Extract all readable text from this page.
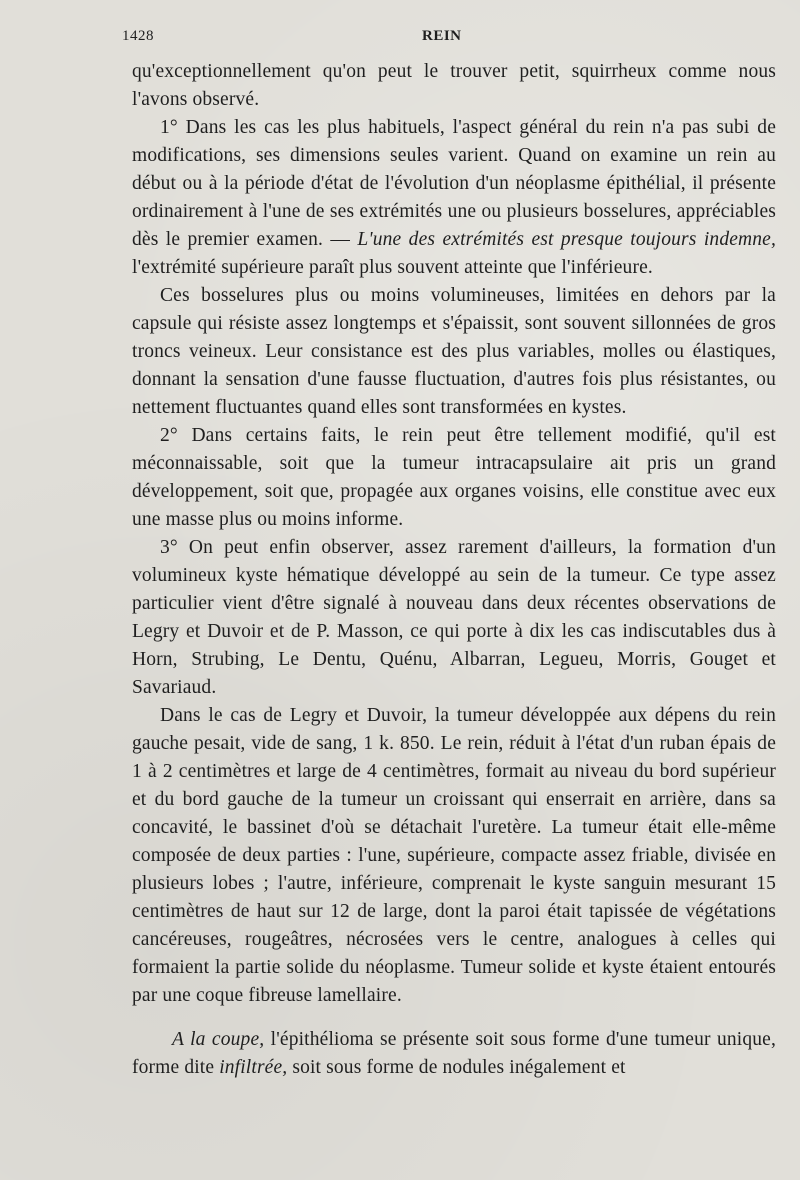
1428	REIN

qu'exceptionnellement qu'on peut le trouver petit, squirrheux comme nous l'avons observé.

1° Dans les cas les plus habituels, l'aspect général du rein n'a pas subi de modifications, ses dimensions seules varient. Quand on examine un rein au début ou à la période d'état de l'évolution d'un néoplasme épithélial, il présente ordinairement à l'une de ses extrémités une ou plusieurs bosselures, appréciables dès le premier examen. — L'une des extrémités est presque toujours indemne, l'extrémité supérieure paraît plus souvent atteinte que l'inférieure.

Ces bosselures plus ou moins volumineuses, limitées en dehors par la capsule qui résiste assez longtemps et s'épaissit, sont souvent sillonnées de gros troncs veineux. Leur consistance est des plus variables, molles ou élastiques, donnant la sensation d'une fausse fluctuation, d'autres fois plus résistantes, ou nettement fluctuantes quand elles sont transformées en kystes.

2° Dans certains faits, le rein peut être tellement modifié, qu'il est méconnaissable, soit que la tumeur intracapsulaire ait pris un grand développement, soit que, propagée aux organes voisins, elle constitue avec eux une masse plus ou moins informe.

3° On peut enfin observer, assez rarement d'ailleurs, la formation d'un volumineux kyste hématique développé au sein de la tumeur. Ce type assez particulier vient d'être signalé à nouveau dans deux récentes observations de Legry et Duvoir et de P. Masson, ce qui porte à dix les cas indiscutables dus à Horn, Strubing, Le Dentu, Quénu, Albarran, Legueu, Morris, Gouget et Savariaud.

Dans le cas de Legry et Duvoir, la tumeur développée aux dépens du rein gauche pesait, vide de sang, 1 k. 850. Le rein, réduit à l'état d'un ruban épais de 1 à 2 centimètres et large de 4 centimètres, formait au niveau du bord supérieur et du bord gauche de la tumeur un croissant qui enserrait en arrière, dans sa concavité, le bassinet d'où se détachait l'uretère. La tumeur était elle-même composée de deux parties : l'une, supérieure, compacte assez friable, divisée en plusieurs lobes ; l'autre, inférieure, comprenait le kyste sanguin mesurant 15 centimètres de haut sur 12 de large, dont la paroi était tapissée de végétations cancéreuses, rougeâtres, nécrosées vers le centre, analogues à celles qui formaient la partie solide du néoplasme. Tumeur solide et kyste étaient entourés par une coque fibreuse lamellaire.

A la coupe, l'épithélioma se présente soit sous forme d'une tumeur unique, forme dite infiltrée, soit sous forme de nodules inégalement et
